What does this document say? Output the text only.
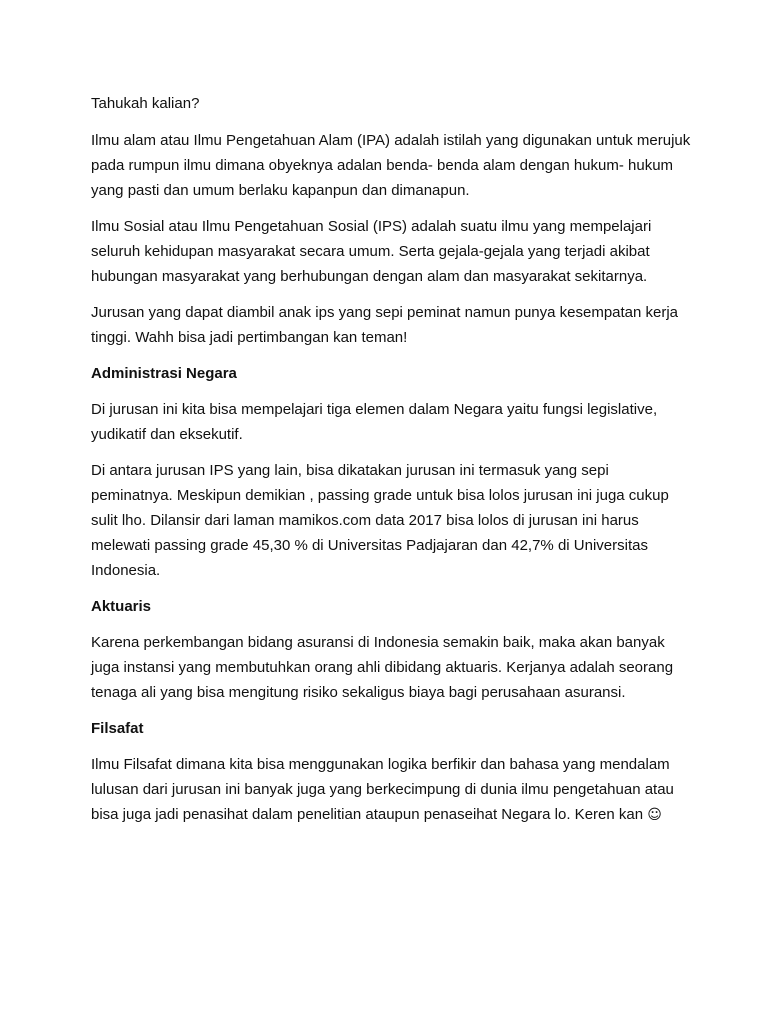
Tahukah kalian?

Ilmu alam atau Ilmu Pengetahuan Alam (IPA) adalah istilah yang digunakan untuk merujuk pada rumpun ilmu dimana obyeknya adalan benda- benda alam dengan hukum- hukum yang pasti dan umum berlaku kapanpun dan dimanapun.

Ilmu Sosial atau Ilmu Pengetahuan Sosial (IPS) adalah suatu ilmu yang mempelajari seluruh kehidupan masyarakat secara umum. Serta gejala-gejala yang terjadi akibat hubungan masyarakat yang berhubungan dengan alam dan masyarakat sekitarnya.

Jurusan yang dapat diambil anak ips yang sepi peminat namun punya kesempatan kerja tinggi. Wahh bisa jadi pertimbangan kan teman!

Administrasi Negara

Di jurusan ini kita bisa mempelajari tiga elemen dalam Negara yaitu fungsi legislative, yudikatif dan eksekutif.

Di antara jurusan IPS yang lain, bisa dikatakan jurusan ini termasuk yang sepi peminatnya. Meskipun demikian , passing grade untuk bisa lolos jurusan ini juga cukup sulit lho. Dilansir dari laman mamikos.com data 2017 bisa lolos di jurusan ini harus melewati passing grade 45,30 % di Universitas Padjajaran dan 42,7% di Universitas Indonesia.

Aktuaris

Karena perkembangan bidang asuransi di Indonesia semakin baik, maka akan banyak juga instansi yang membutuhkan orang ahli dibidang aktuaris. Kerjanya adalah seorang tenaga ali yang bisa mengitung risiko sekaligus biaya bagi perusahaan asuransi.

Filsafat

Ilmu Filsafat dimana kita bisa menggunakan logika berfikir dan bahasa yang mendalam lulusan dari jurusan ini banyak juga yang berkecimpung di dunia ilmu pengetahuan atau bisa juga jadi penasihat dalam penelitian ataupun penaseihat Negara lo. Keren kan ☺
